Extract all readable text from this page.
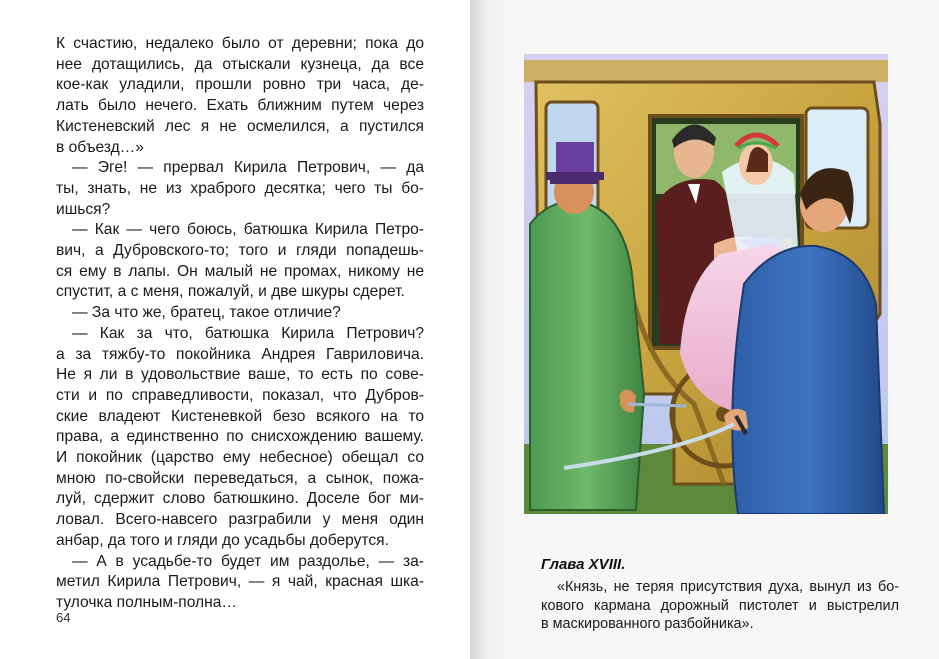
К счастию, недалеко было от деревни; пока до
нее дотащились, да отыскали кузнеца, да все
кое-как уладили, прошли ровно три часа, де-
лать было нечего. Ехать ближним путем через
Кистеневский лес я не осмелился, а пустился
в объезд…»
— Эге! — прервал Кирила Петрович, — да
ты, знать, не из храброго десятка; чего ты бо-
ишься?
— Как — чего боюсь, батюшка Кирила Петро-
вич, а Дубровского-то; того и гляди попадешь-
ся ему в лапы. Он малый не промах, никому не
спустит, а с меня, пожалуй, и две шкуры сдерет.
— За что же, братец, такое отличие?
— Как за что, батюшка Кирила Петрович?
а за тяжбу-то покойника Андрея Гавриловича.
Не я ли в удовольствие ваше, то есть по сове-
сти и по справедливости, показал, что Дубров-
ские владеют Кистеневкой безо всякого на то
права, а единственно по снисхождению вашему.
И покойник (царство ему небесное) обещал со
мною по-свойски переведаться, а сынок, пожа-
луй, сдержит слово батюшкино. Доселе бог ми-
ловал. Всего-навсего разграбили у меня один
анбар, да того и гляди до усадьбы доберутся.
— А в усадьбе-то будет им раздолье, — за-
метил Кирила Петрович, — я чай, красная шка-
тулочка полным-полна…
64
Глава XVIII.
«Князь, не теряя присутствия духа, вынул из бо-
кового кармана дорожный пистолет и выстрелил
в маскированного разбойника».
